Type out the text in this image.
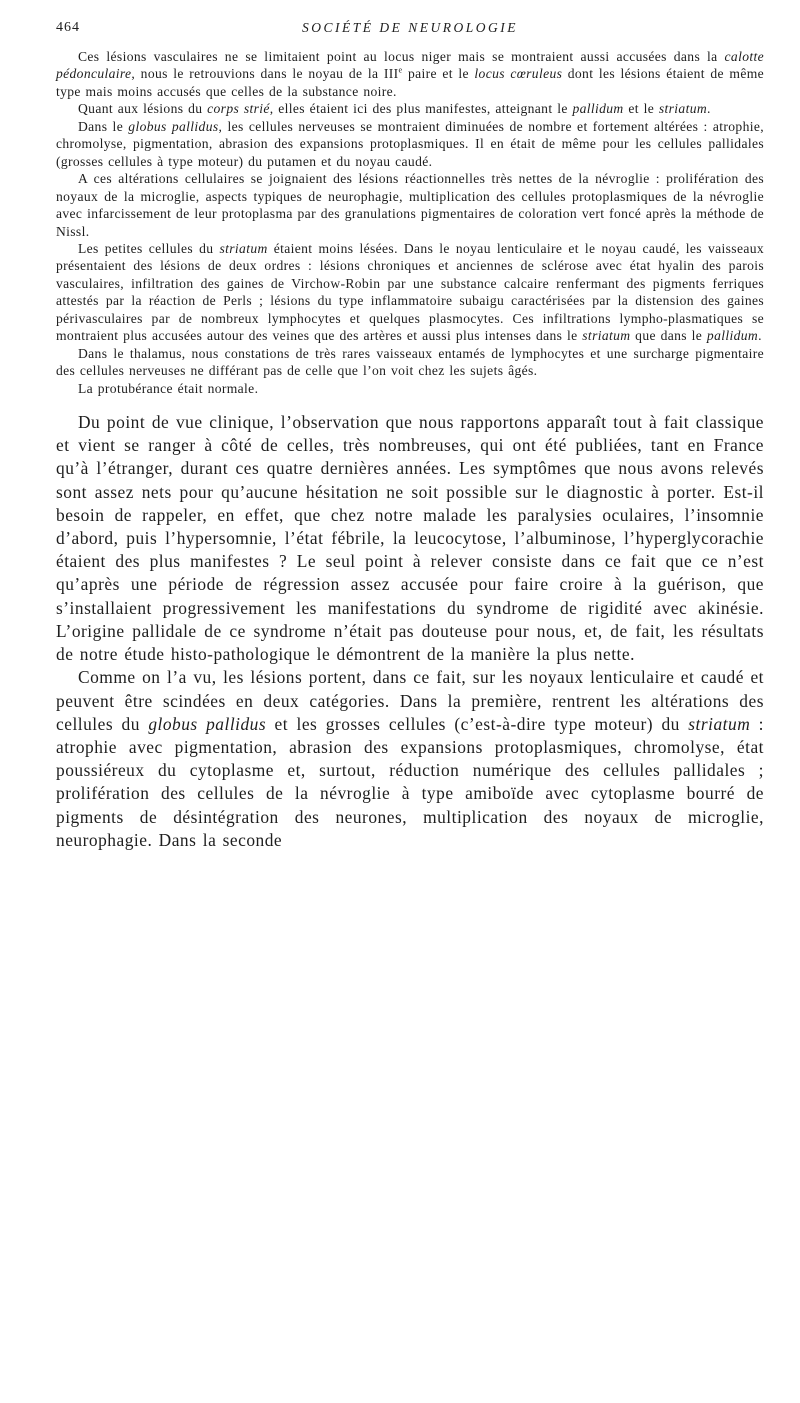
464	SOCIÉTÉ DE NEUROLOGIE

Ces lésions vasculaires ne se limitaient point au locus niger mais se montraient aussi accusées dans la calotte pédonculaire, nous le retrouvions dans le noyau de la IIIe paire et le locus cœruleus dont les lésions étaient de même type mais moins accusés que celles de la substance noire.

Quant aux lésions du corps strié, elles étaient ici des plus manifestes, atteignant le pallidum et le striatum.

Dans le globus pallidus, les cellules nerveuses se montraient diminuées de nombre et fortement altérées : atrophie, chromolyse, pigmentation, abrasion des expansions protoplasmiques. Il en était de même pour les cellules pallidales (grosses cellules à type moteur) du putamen et du noyau caudé.

A ces altérations cellulaires se joignaient des lésions réactionnelles très nettes de la névroglie : prolifération des noyaux de la microglie, aspects typiques de neurophagie, multiplication des cellules protoplasmiques de la névroglie avec infarcissement de leur protoplasma par des granulations pigmentaires de coloration vert foncé après la méthode de Nissl.

Les petites cellules du striatum étaient moins lésées. Dans le noyau lenticulaire et le noyau caudé, les vaisseaux présentaient des lésions de deux ordres : lésions chroniques et anciennes de sclérose avec état hyalin des parois vasculaires, infiltration des gaines de Virchow-Robin par une substance calcaire renfermant des pigments ferriques attestés par la réaction de Perls ; lésions du type inflammatoire subaigu caractérisées par la distension des gaines périvasculaires par de nombreux lymphocytes et quelques plasmocytes. Ces infiltrations lympho-plasmatiques se montraient plus accusées autour des veines que des artères et aussi plus intenses dans le striatum que dans le pallidum.

Dans le thalamus, nous constations de très rares vaisseaux entamés de lymphocytes et une surcharge pigmentaire des cellules nerveuses ne différant pas de celle que l’on voit chez les sujets âgés.

La protubérance était normale.

Du point de vue clinique, l’observation que nous rapportons apparaît tout à fait classique et vient se ranger à côté de celles, très nombreuses, qui ont été publiées, tant en France qu’à l’étranger, durant ces quatre dernières années. Les symptômes que nous avons relevés sont assez nets pour qu’aucune hésitation ne soit possible sur le diagnostic à porter. Est-il besoin de rappeler, en effet, que chez notre malade les paralysies oculaires, l’insomnie d’abord, puis l’hypersomnie, l’état fébrile, la leucocytose, l’albuminose, l’hyperglycorachie étaient des plus manifestes ? Le seul point à relever consiste dans ce fait que ce n’est qu’après une période de régression assez accusée pour faire croire à la guérison, que s’installaient progressivement les manifestations du syndrome de rigidité avec akinésie. L’origine pallidale de ce syndrome n’était pas douteuse pour nous, et, de fait, les résultats de notre étude histo-pathologique le démontrent de la manière la plus nette.

Comme on l’a vu, les lésions portent, dans ce fait, sur les noyaux lenticulaire et caudé et peuvent être scindées en deux catégories. Dans la première, rentrent les altérations des cellules du globus pallidus et les grosses cellules (c’est-à-dire type moteur) du striatum : atrophie avec pigmentation, abrasion des expansions protoplasmiques, chromolyse, état poussiéreux du cytoplasme et, surtout, réduction numérique des cellules pallidales ; prolifération des cellules de la névroglie à type amiboïde avec cytoplasme bourré de pigments de désintégration des neurones, multiplication des noyaux de microglie, neurophagie. Dans la seconde
